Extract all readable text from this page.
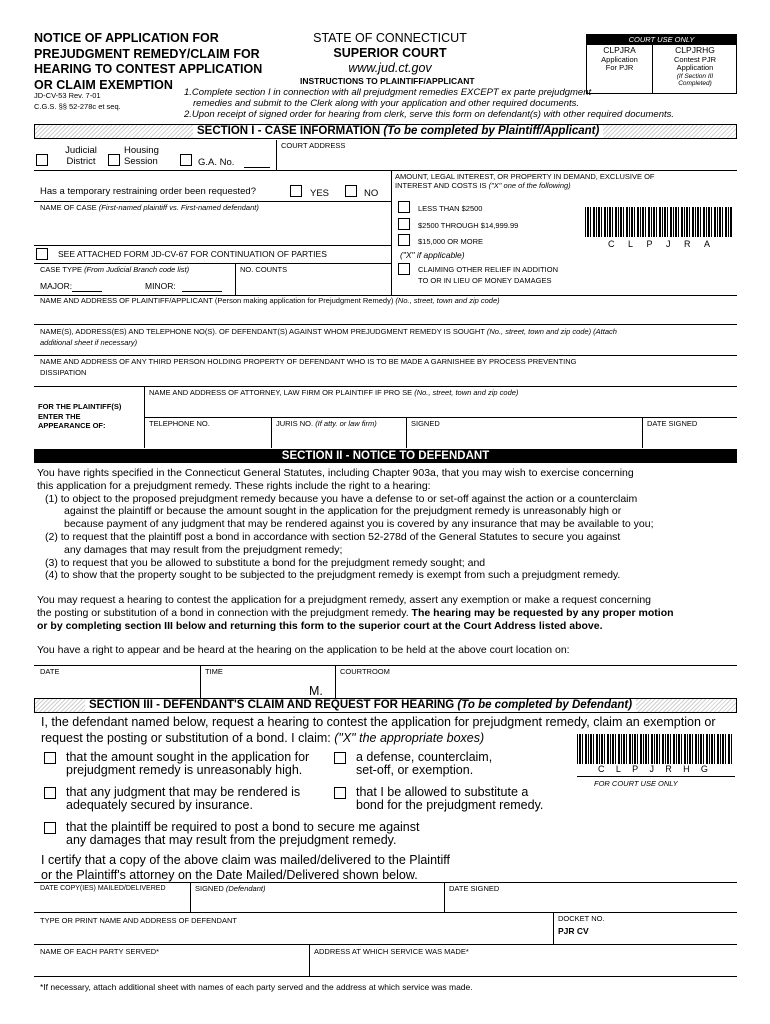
NOTICE OF APPLICATION FOR
PREJUDGMENT REMEDY/CLAIM FOR
HEARING TO CONTEST APPLICATION
OR CLAIM EXEMPTION
JD-CV-53 Rev. 7-01
C.G.S. §§ 52-278c et seq.
STATE OF CONNECTICUT
SUPERIOR COURT
www.jud.ct.gov
INSTRUCTIONS TO PLAINTIFF/APPLICANT
1.Complete section I in connection with all prejudgment remedies EXCEPT ex parte prejudgment
remedies and submit to the Clerk along with your application and other required documents.
2.Upon receipt of signed order for hearing from clerk, serve this form on defendant(s) with other required documents.
COURT USE ONLY
CLPJRA
Application
For PJR
CLPJRHG
Contest PJR
Application
(If Section III
Completed)
SECTION I - CASE INFORMATION (To be completed by Plaintiff/Applicant)
Judicial
District
Housing
Session	G.A. No.
COURT ADDRESS
Has a temporary restraining order been requested?	YES	NO
AMOUNT, LEGAL INTEREST, OR PROPERTY IN DEMAND, EXCLUSIVE OF
INTEREST AND COSTS IS ("X" one of the following)
NAME OF CASE (First-named plaintiff vs. First-named defendant)	LESS THAN $2500
$2500 THROUGH $14,999.99
$15,000 OR MORE
("X" if applicable)
CLAIMING OTHER RELIEF IN ADDITION
TO OR IN LIEU OF MONEY DAMAGES
C L P J R A
SEE ATTACHED FORM JD-CV-67 FOR CONTINUATION OF PARTIES
CASE TYPE (From Judicial Branch code list)
MAJOR:	MINOR:
NO. COUNTS
NAME AND ADDRESS OF PLAINTIFF/APPLICANT (Person making application for Prejudgment Remedy) (No., street, town and zip code)
NAME(S), ADDRESS(ES) AND TELEPHONE NO(S). OF DEFENDANT(S) AGAINST WHOM PREJUDGMENT REMEDY IS SOUGHT (No., street, town and zip code) (Attach
additional sheet if necessary)
NAME AND ADDRESS OF ANY THIRD PERSON HOLDING PROPERTY OF DEFENDANT WHO IS TO BE MADE A GARNISHEE BY PROCESS PREVENTING
DISSIPATION
FOR THE PLAINTIFF(S)
ENTER THE
APPEARANCE OF:
NAME AND ADDRESS OF ATTORNEY, LAW FIRM OR PLAINTIFF IF PRO SE (No., street, town and zip code)
TELEPHONE NO.	JURIS NO. (If atty. or law firm)	SIGNED	DATE SIGNED
SECTION II - NOTICE TO DEFENDANT

You have rights specified in the Connecticut General Statutes, including Chapter 903a, that you may wish to exercise concerning
this application for a prejudgment remedy. These rights include the right to a hearing:

(1) to object to the proposed prejudgment remedy because you have a defense to or set-off against the action or a counterclaim
against the plaintiff or because the amount sought in the application for the prejudgment remedy is unreasonably high or
because payment of any judgment that may be rendered against you is covered by any insurance that may be available to you;
(2) to request that the plaintiff post a bond in accordance with section 52-278d of the General Statutes to secure you against
any damages that may result from the prejudgment remedy;
(3) to request that you be allowed to substitute a bond for the prejudgment remedy sought; and
(4) to show that the property sought to be subjected to the prejudgment remedy is exempt from such a prejudgment remedy.

You may request a hearing to contest the application for a prejudgment remedy, assert any exemption or make a request concerning
the posting or substitution of a bond in connection with the prejudgment remedy. The hearing may be requested by any proper motion
or by completing section III below and returning this form to the superior court at the Court Address listed above.

You have a right to appear and be heard at the hearing on the application to be held at the above court location on:

DATE	TIME	COURTROOM
M.
SECTION III - DEFENDANT'S CLAIM AND REQUEST FOR HEARING (To be completed by Defendant)
I, the defendant named below, request a hearing to contest the application for prejudgment remedy, claim an exemption or
request the posting or substitution of a bond. I claim: ("X" the appropriate boxes)
that the amount sought in the application for
prejudgment remedy is unreasonably high.
a defense, counterclaim,
set-off, or exemption.
that any judgment that may be rendered is
adequately secured by insurance.
that I be allowed to substitute a
bond for the prejudgment remedy.
that the plaintiff be required to post a bond to secure me against
any damages that may result from the prejudgment remedy.
C L P J R H G
FOR COURT USE ONLY
I certify that a copy of the above claim was mailed/delivered to the Plaintiff
or the Plaintiff's attorney on the Date Mailed/Delivered shown below.
DATE COPY(IES) MAILED/DELIVERED	SIGNED (Defendant)	DATE SIGNED
TYPE OR PRINT NAME AND ADDRESS OF DEFENDANT	DOCKET NO.
PJR CV
NAME OF EACH PARTY SERVED*	ADDRESS AT WHICH SERVICE WAS MADE*
*If necessary, attach additional sheet with names of each party served and the address at which service was made.
